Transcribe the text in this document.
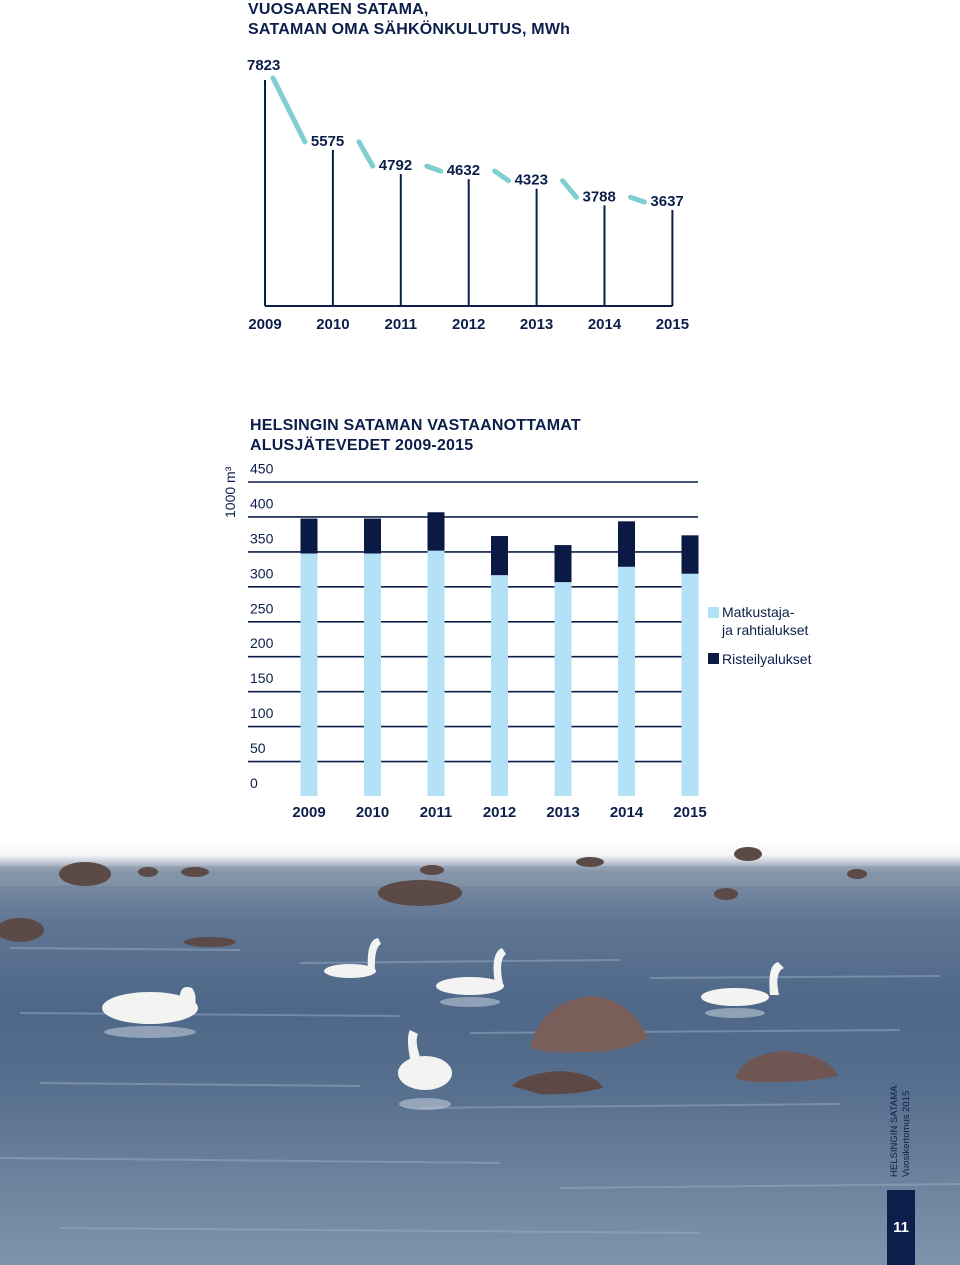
VUOSAAREN SATAMA,
SATAMAN OMA SÄHKÖNKULUTUS, MWh
7823
5575
4792 4632
4323
3788 3637
2009 2010 2011 2012 2013 2014 2015
HELSINGIN SATAMAN VASTAANOTTAMAT
ALUSJÄTEVEDET 2009-2015
1000 m³
0
50
100
150
200
250
300
350
400
450
2009 2010 2011 2012 2013 2014 2015
Matkustaja-
ja rahtialukset
Risteilyalukset
HELSINGIN SATAMA Vuosikertomus 2015
11
